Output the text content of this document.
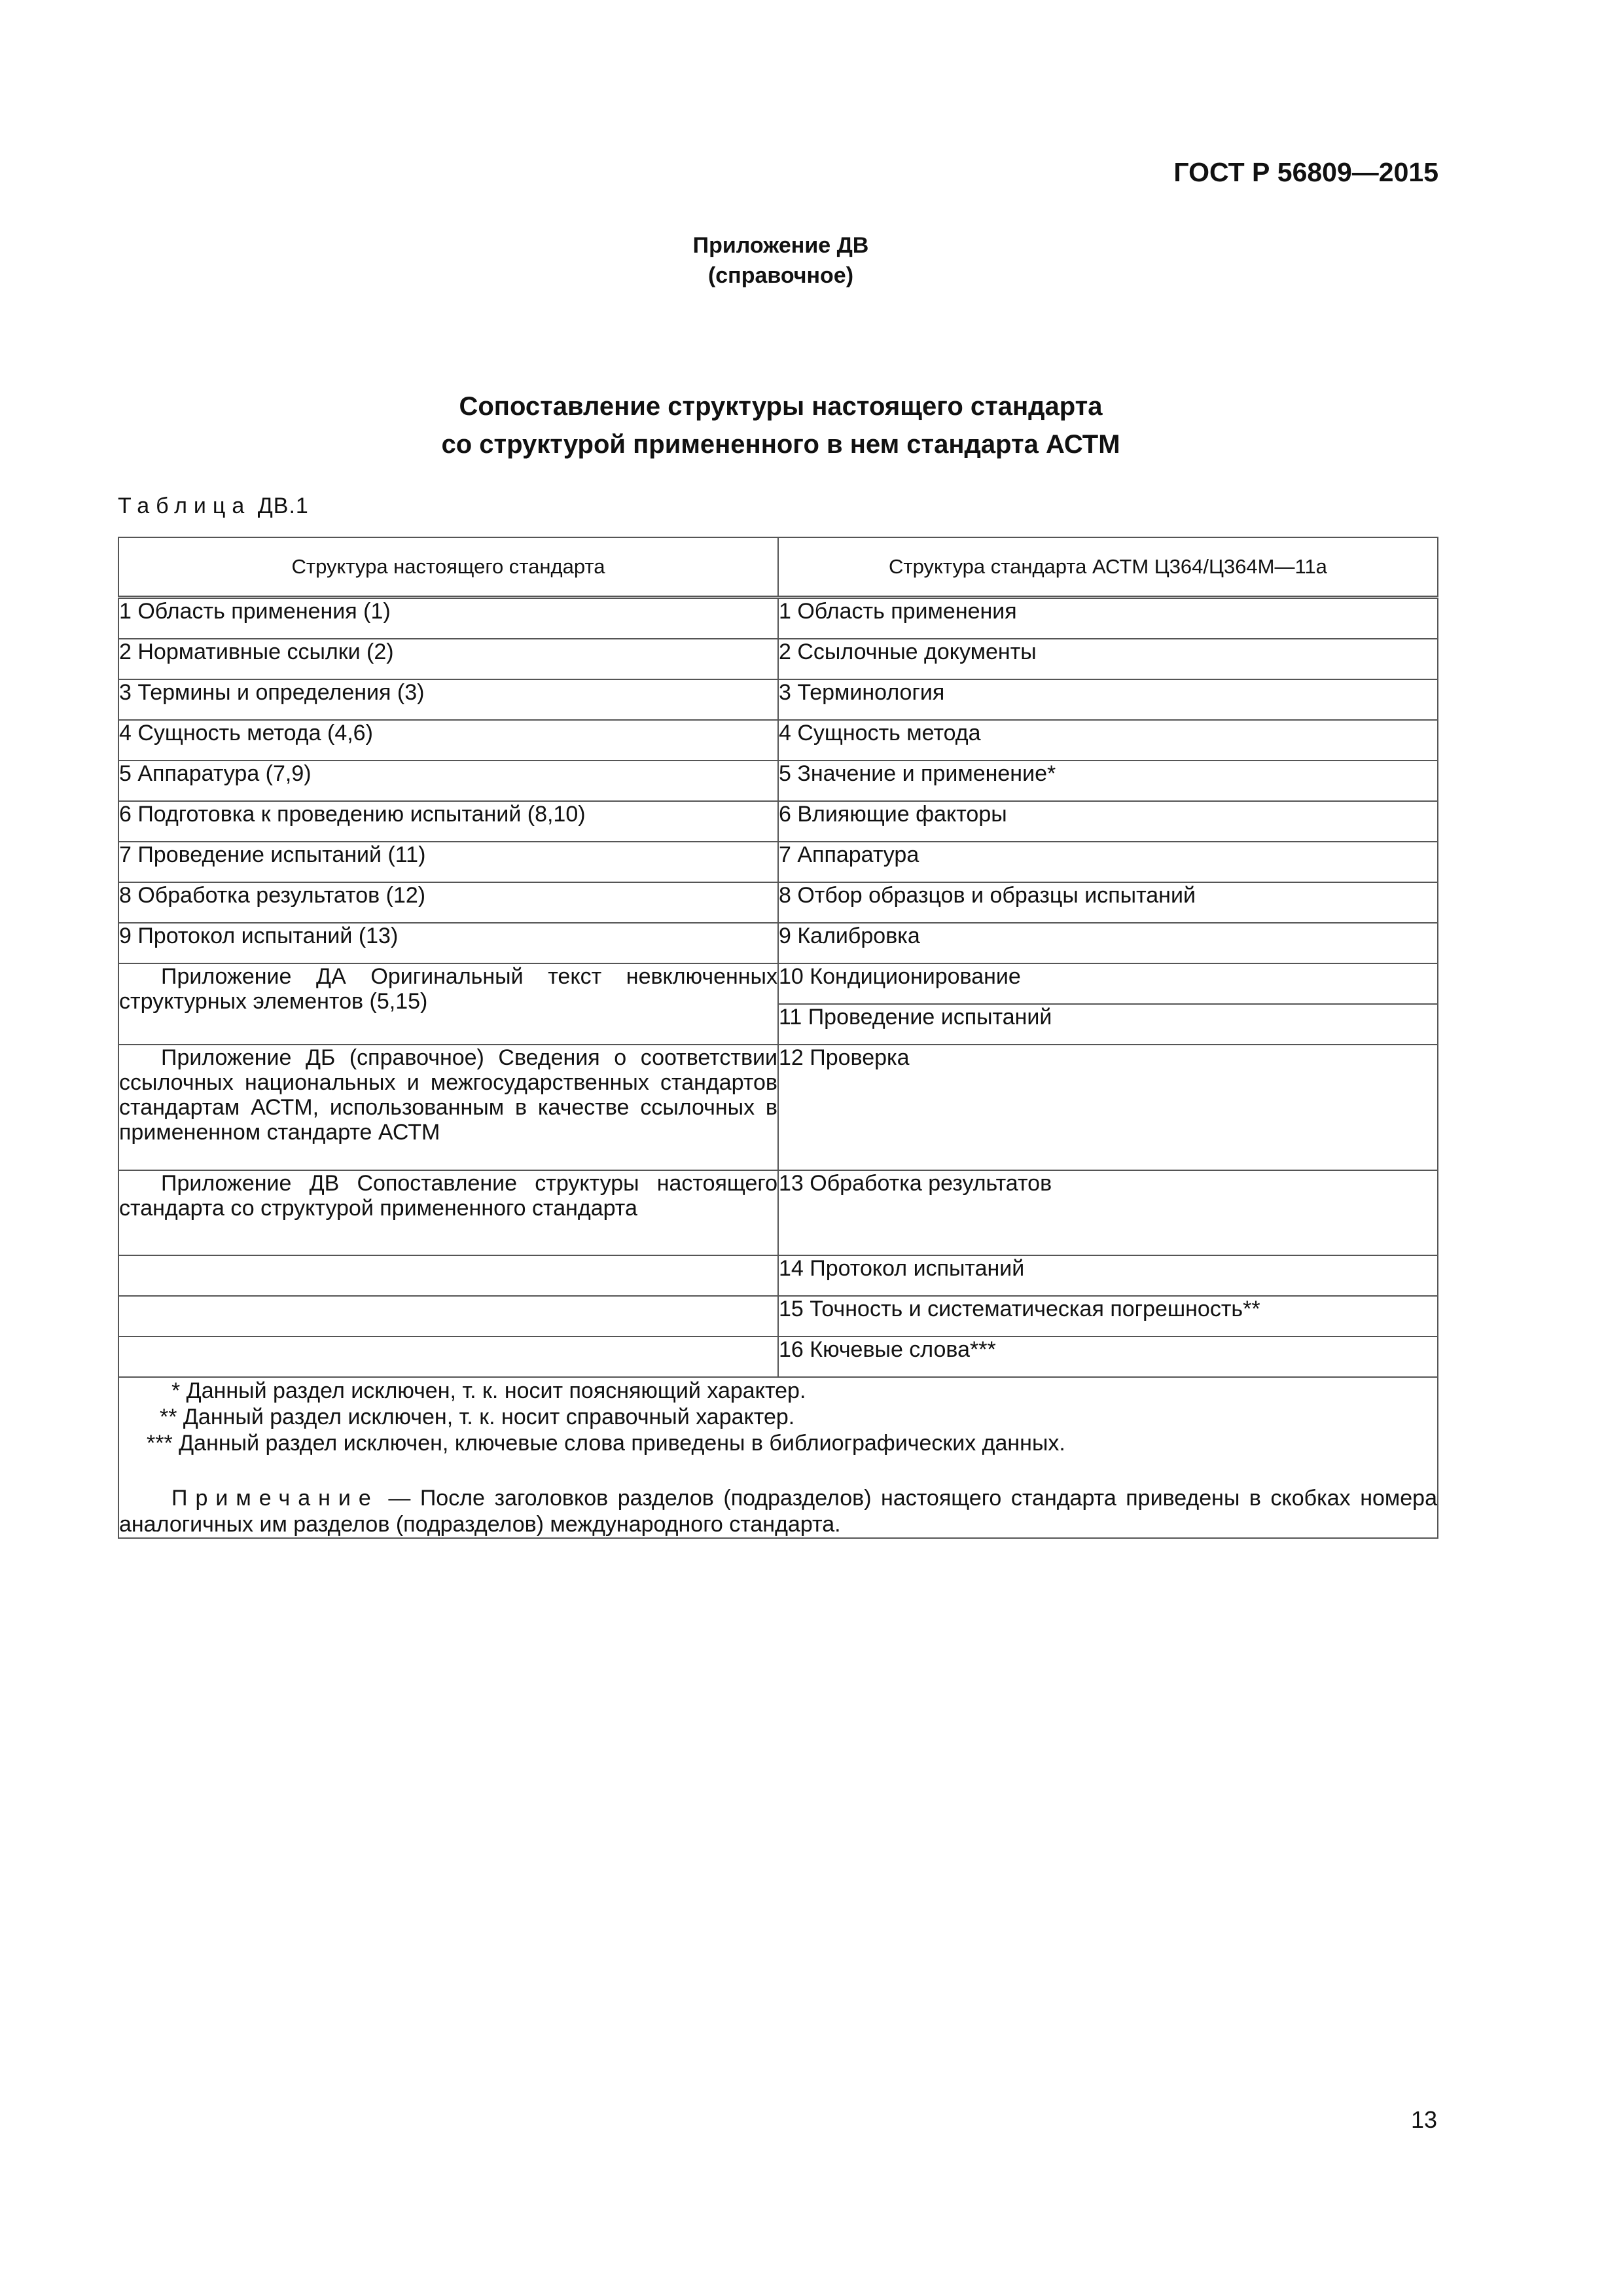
ГОСТ Р 56809—2015
Приложение ДВ
(справочное)
Сопоставление структуры настоящего стандарта
со структурой примененного в нем стандарта АСТМ
Таблица ДВ.1
Структура настоящего стандарта	Структура стандарта АСТМ Ц364/Ц364М—11а
1 Область применения (1)	1 Область применения
2 Нормативные ссылки (2)	2 Ссылочные документы
3 Термины и определения (3)	3 Терминология
4 Сущность метода (4,6)	4 Сущность метода
5 Аппаратура (7,9)	5 Значение и применение*
6 Подготовка к проведению испытаний (8,10)	6 Влияющие факторы
7 Проведение испытаний (11)	7 Аппаратура
8 Обработка результатов (12)	8 Отбор образцов и образцы испытаний
9 Протокол испытаний (13)	9 Калибровка
Приложение ДА Оригинальный текст невключенных структурных элементов (5,15)	10 Кондиционирование
	11 Проведение испытаний
Приложение ДБ (справочное) Сведения о соответствии ссылочных национальных и межгосударственных стандартов стандартам АСТМ, использованным в качестве ссылочных в примененном стандарте АСТМ	12 Проверка
Приложение ДВ Сопоставление структуры настоящего стандарта со структурой примененного стандарта	13 Обработка результатов
	14 Протокол испытаний
	15 Точность и систематическая погрешность**
	16 Кючевые слова***

* Данный раздел исключен, т. к. носит поясняющий характер.
** Данный раздел исключен, т. к. носит справочный характер.
*** Данный раздел исключен, ключевые слова приведены в библиографических данных.
Примечание — После заголовков разделов (подразделов) настоящего стандарта приведены в скобках номера аналогичных им разделов (подразделов) международного стандарта.	
13
